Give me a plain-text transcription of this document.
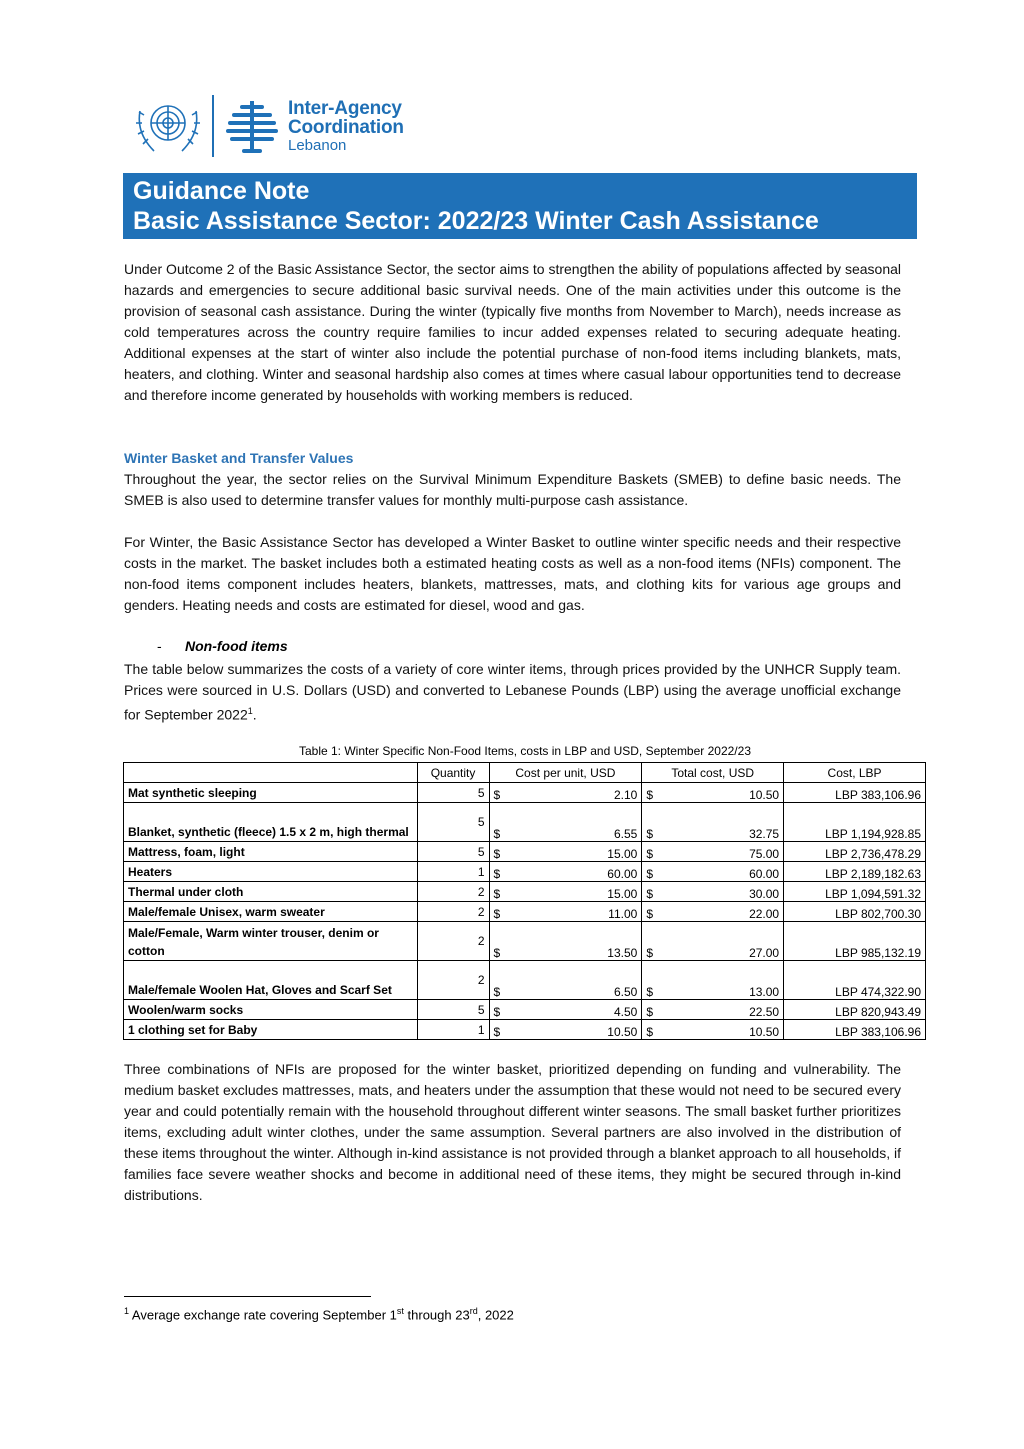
Inter-Agency
Coordination
Lebanon
Guidance Note
Basic Assistance Sector: 2022/23 Winter Cash Assistance
Under Outcome 2 of the Basic Assistance Sector, the sector aims to strengthen the ability of populations affected by seasonal hazards and emergencies to secure additional basic survival needs. One of the main activities under this outcome is the provision of seasonal cash assistance. During the winter (typically five months from November to March), needs increase as cold temperatures across the country require families to incur added expenses related to securing adequate heating. Additional expenses at the start of winter also include the potential purchase of non-food items including blankets, mats, heaters, and clothing. Winter and seasonal hardship also comes at times where casual labour opportunities tend to decrease and therefore income generated by households with working members is reduced.
Winter Basket and Transfer Values
Throughout the year, the sector relies on the Survival Minimum Expenditure Baskets (SMEB) to define basic needs. The SMEB is also used to determine transfer values for monthly multi-purpose cash assistance.
For Winter, the Basic Assistance Sector has developed a Winter Basket to outline winter specific needs and their respective costs in the market. The basket includes both a estimated heating costs as well as a non-food items (NFIs) component. The non-food items component includes heaters, blankets, mattresses, mats, and clothing kits for various age groups and genders. Heating needs and costs are estimated for diesel, wood and gas.
- Non-food items
The table below summarizes the costs of a variety of core winter items, through prices provided by the UNHCR Supply team. Prices were sourced in U.S. Dollars (USD) and converted to Lebanese Pounds (LBP) using the average unofficial exchange for September 2022$^1$.
Table 1: Winter Specific Non-Food Items, costs in LBP and USD, September 2022/23
	Quantity	Cost per unit, USD	Total cost, USD	Cost, LBP
Mat synthetic sleeping	5	$ 2.10	$ 10.50	LBP 383,106.96
Blanket, synthetic (fleece) 1.5 x 2 m, high thermal	5	$ 6.55	$ 32.75	LBP 1,194,928.85
Mattress, foam, light	5	$ 15.00	$ 75.00	LBP 2,736,478.29
Heaters	1	$ 60.00	$ 60.00	LBP 2,189,182.63
Thermal under cloth	2	$ 15.00	$ 30.00	LBP 1,094,591.32
Male/female Unisex, warm sweater	2	$ 11.00	$ 22.00	LBP 802,700.30
Male/Female, Warm winter trouser, denim or cotton	2	$ 13.50	$ 27.00	LBP 985,132.19
Male/female Woolen Hat, Gloves and Scarf Set	2	$ 6.50	$ 13.00	LBP 474,322.90
Woolen/warm socks	5	$ 4.50	$ 22.50	LBP 820,943.49
1 clothing set for Baby	1	$ 10.50	$ 10.50	LBP 383,106.96
Three combinations of NFIs are proposed for the winter basket, prioritized depending on funding and vulnerability. The medium basket excludes mattresses, mats, and heaters under the assumption that these would not need to be secured every year and could potentially remain with the household throughout different winter seasons. The small basket further prioritizes items, excluding adult winter clothes, under the same assumption. Several partners are also involved in the distribution of these items throughout the winter. Although in-kind assistance is not provided through a blanket approach to all households, if families face severe weather shocks and become in additional need of these items, they might be secured through in-kind distributions.
$^1$ Average exchange rate covering September 1st through 23rd, 2022
